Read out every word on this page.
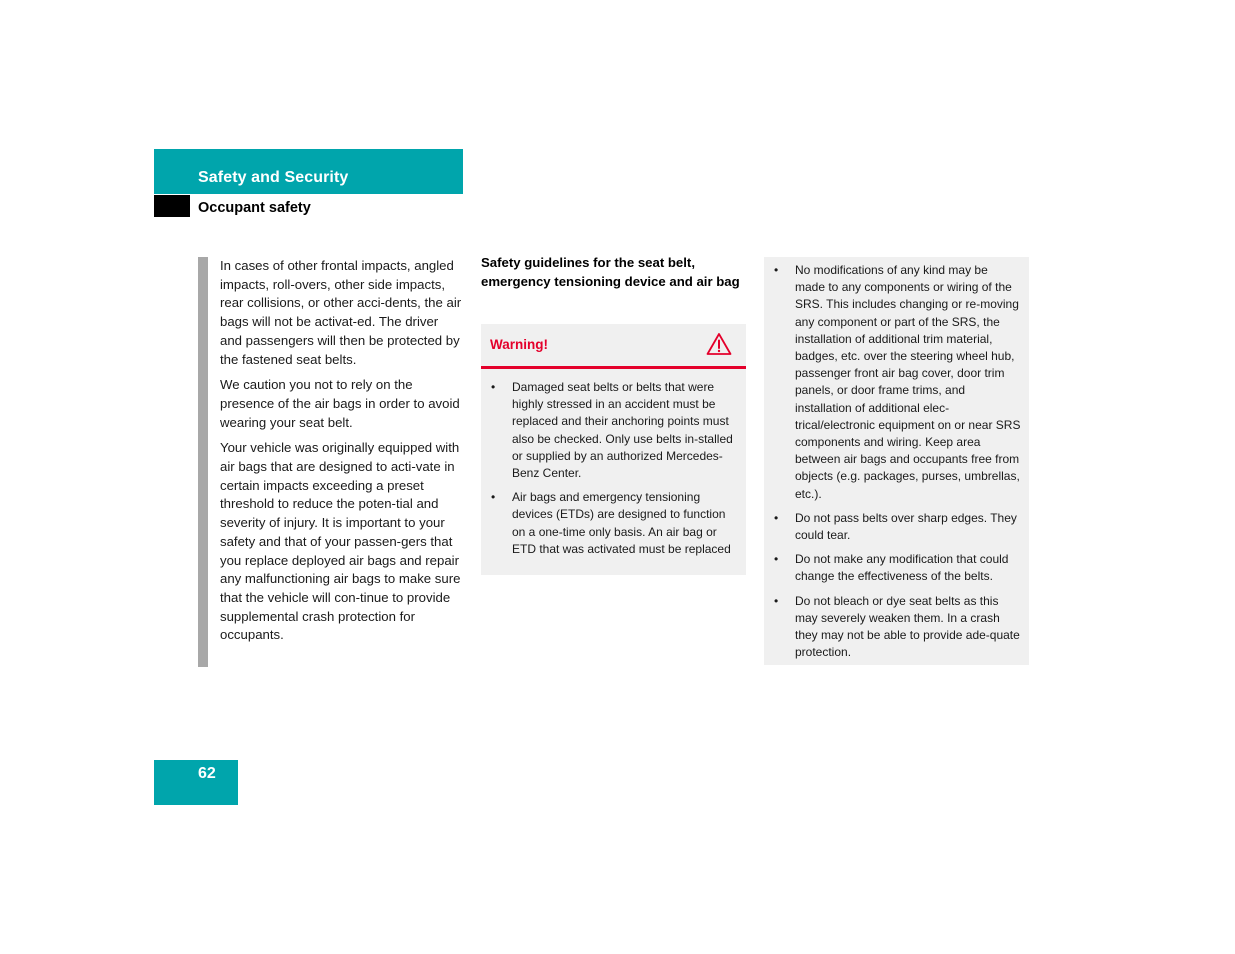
Safety and Security
Occupant safety

In cases of other frontal impacts, angled impacts, roll-overs, other side impacts, rear collisions, or other acci-dents, the air bags will not be activat-ed. The driver and passengers will then be protected by the fastened seat belts.

We caution you not to rely on the presence of the air bags in order to avoid wearing your seat belt.

Your vehicle was originally equipped with air bags that are designed to acti-vate in certain impacts exceeding a preset threshold to reduce the poten-tial and severity of injury. It is important to your safety and that of your passen-gers that you replace deployed air bags and repair any malfunctioning air bags to make sure that the vehicle will con-tinue to provide supplemental crash protection for occupants.

Safety guidelines for the seat belt, emergency tensioning device and air bag
Warning!
• Damaged seat belts or belts that were highly stressed in an accident must be replaced and their anchoring points must also be checked. Only use belts in-stalled or supplied by an authorized Mercedes-Benz Center.
• Air bags and emergency tensioning devices (ETDs) are designed to function on a one-time only basis. An air bag or ETD that was activated must be replaced
• No modifications of any kind may be made to any components or wiring of the SRS. This includes changing or re-moving any component or part of the SRS, the installation of additional trim material, badges, etc. over the steering wheel hub, passenger front air bag cover, door trim panels, or door frame trims, and installation of additional elec-trical/electronic equipment on or near SRS components and wiring. Keep area between air bags and occupants free from objects (e.g. packages, purses, umbrellas, etc.).
• Do not pass belts over sharp edges. They could tear.
• Do not make any modification that could change the effectiveness of the belts.
• Do not bleach or dye seat belts as this may severely weaken them. In a crash they may not be able to provide ade-quate protection.
62
